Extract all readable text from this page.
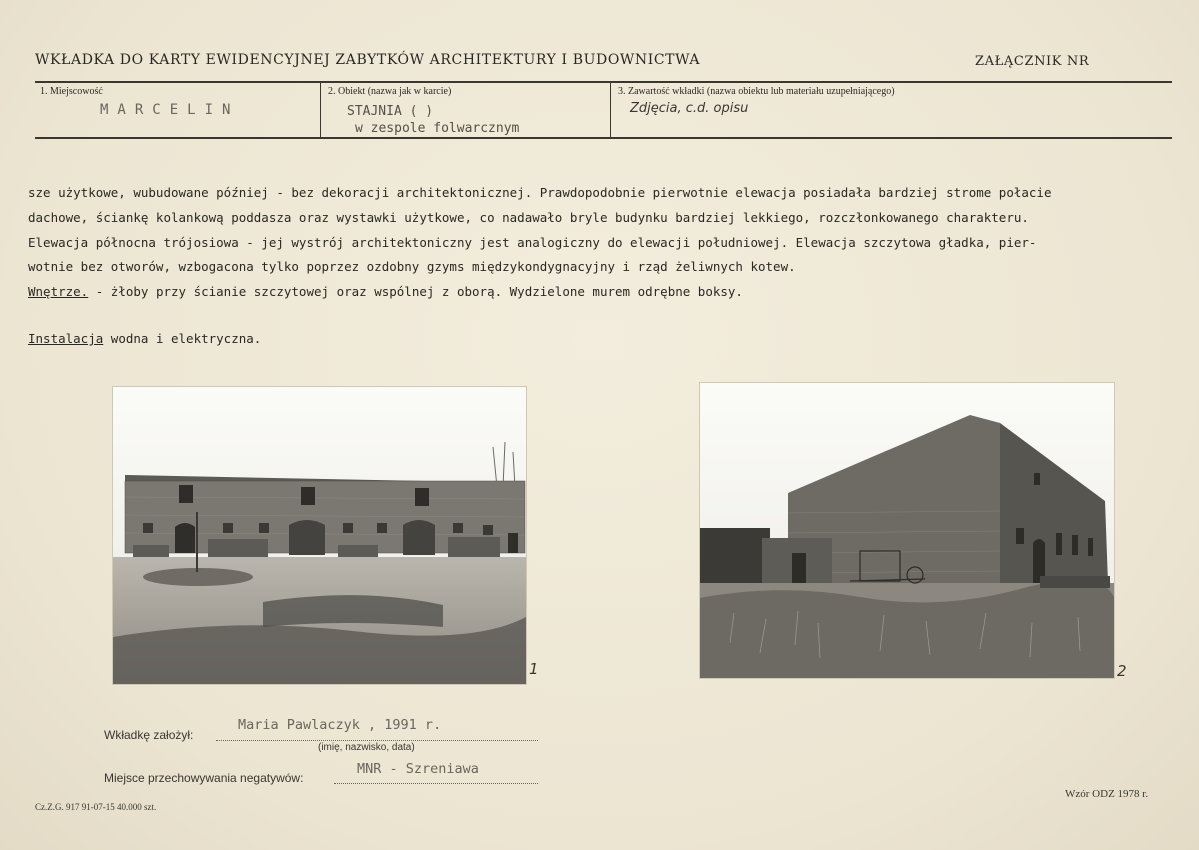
WKŁADKA DO KARTY EWIDENCYJNEJ ZABYTKÓW ARCHITEKTURY I BUDOWNICTWA	ZAŁĄCZNIK NR
1. Miejscowość
MARCELIN
2. Obiekt (nazwa jak w karcie)
STAJNIA ( )
w zespole folwarcznym
3. Zawartość wkładki (nazwa obiektu lub materiału uzupełniającego)
Zdjęcia, c.d. opisu
sze użytkowe, wubudowane później - bez dekoracji architektonicznej. Prawdopodobnie pierwotnie elewacja posiadała bardziej strome połacie
dachowe, ściankę kolankową poddasza oraz wystawki użytkowe, co nadawało bryle budynku bardziej lekkiego, rozczłonkowanego charakteru.
Elewacja północna trójosiowa - jej wystrój architektoniczny jest analogiczny do elewacji południowej. Elewacja szczytowa gładka, pier-
wotnie bez otworów, wzbogacona tylko poprzez ozdobny gzyms międzykondygnacyjny i rząd żeliwnych kotew.
Wnętrze. - żłoby przy ścianie szczytowej oraz wspólnej z oborą. Wydzielone murem odrębne boksy.
Instalacja wodna i elektryczna.
1	2
Wkładkę założył:
Maria Pawlaczyk , 1991 r.
(imię, nazwisko, data)
Miejsce przechowywania negatywów:
MNR - Szreniawa
Cz.Z.G. 917 91-07-15 40.000 szt.
Wzór ODZ 1978 r.
